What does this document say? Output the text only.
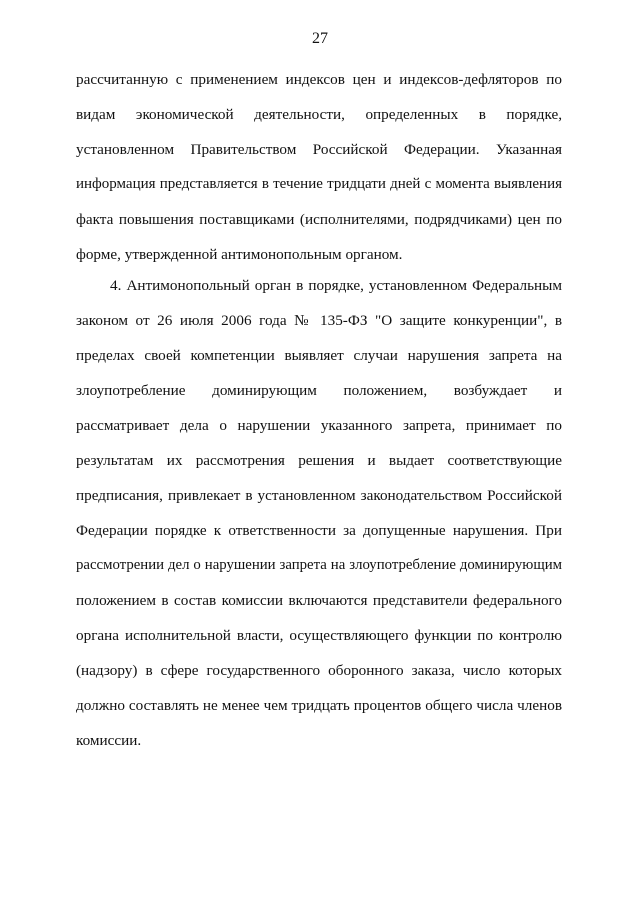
27
рассчитанную с применением индексов цен и индексов-дефляторов по
видам экономической деятельности, определенных в порядке,
установленном Правительством Российской Федерации. Указанная
информация представляется в течение тридцати дней с момента выявления
факта повышения поставщиками (исполнителями, подрядчиками) цен по
форме, утвержденной антимонопольным органом.
4. Антимонопольный орган в порядке, установленном Федеральным
законом от 26 июля 2006 года № 135-ФЗ "О защите конкуренции", в
пределах своей компетенции выявляет случаи нарушения запрета на
злоупотребление доминирующим положением, возбуждает и
рассматривает дела о нарушении указанного запрета, принимает по
результатам их рассмотрения решения и выдает соответствующие
предписания, привлекает в установленном законодательством Российской
Федерации порядке к ответственности за допущенные нарушения. При
рассмотрении дел о нарушении запрета на злоупотребление доминирующим
положением в состав комиссии включаются представители федерального
органа исполнительной власти, осуществляющего функции по контролю
(надзору) в сфере государственного оборонного заказа, число которых
должно составлять не менее чем тридцать процентов общего числа членов
комиссии.
